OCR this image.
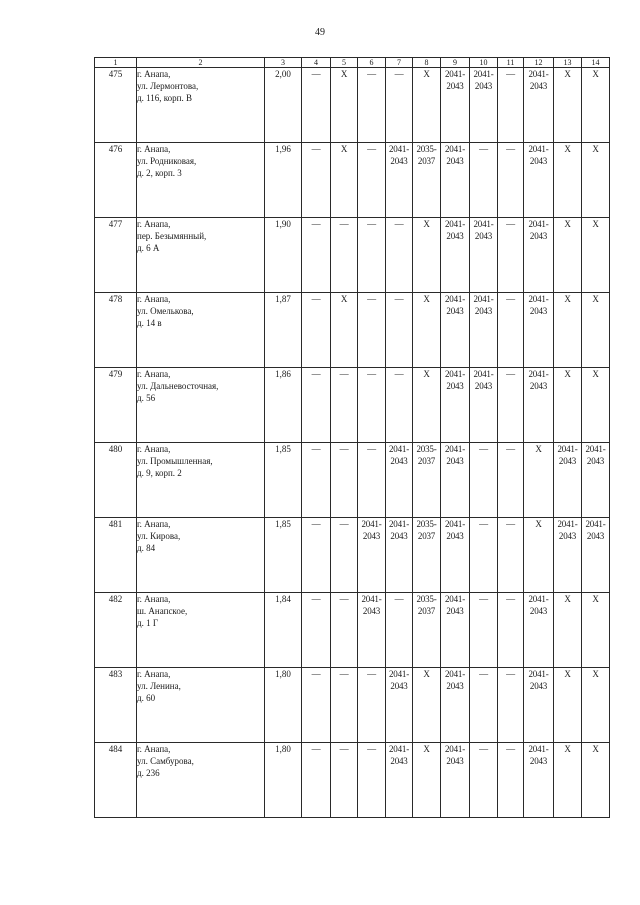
49
1	2	3	4	5	6	7	8	9	10	11	12	13	14
475	г. Анапа,
ул. Лермонтова,
д. 116, корп. В	2,00	—	X	—	—	X	2041-
2043	2041-
2043	—	2041-
2043	X	X
476	г. Анапа,
ул. Родниковая,
д. 2, корп. 3	1,96	—	X	—	2041-
2043	2035-
2037	2041-
2043	—	—	2041-
2043	X	X
477	г. Анапа,
пер. Безымянный,
д. 6 А	1,90	—	—	—	—	X	2041-
2043	2041-
2043	—	2041-
2043	X	X
478	г. Анапа,
ул. Омелькова,
д. 14 в	1,87	—	X	—	—	X	2041-
2043	2041-
2043	—	2041-
2043	X	X
479	г. Анапа,
ул. Дальневосточная,
д. 56	1,86	—	—	—	—	X	2041-
2043	2041-
2043	—	2041-
2043	X	X
480	г. Анапа,
ул. Промышленная,
д. 9, корп. 2	1,85	—	—	—	2041-
2043	2035-
2037	2041-
2043	—	—	X	2041-
2043	2041-
2043
481	г. Анапа,
ул. Кирова,
д. 84	1,85	—	—	2041-
2043	2041-
2043	2035-
2037	2041-
2043	—	—	X	2041-
2043	2041-
2043
482	г. Анапа,
ш. Анапское,
д. 1 Г	1,84	—	—	2041-
2043	—	2035-
2037	2041-
2043	—	—	2041-
2043	X	X
483	г. Анапа,
ул. Ленина,
д. 60	1,80	—	—	—	2041-
2043	X	2041-
2043	—	—	2041-
2043	X	X
484	г. Анапа,
ул. Самбурова,
д. 236	1,80	—	—	—	2041-
2043	X	2041-
2043	—	—	2041-
2043	X	X
